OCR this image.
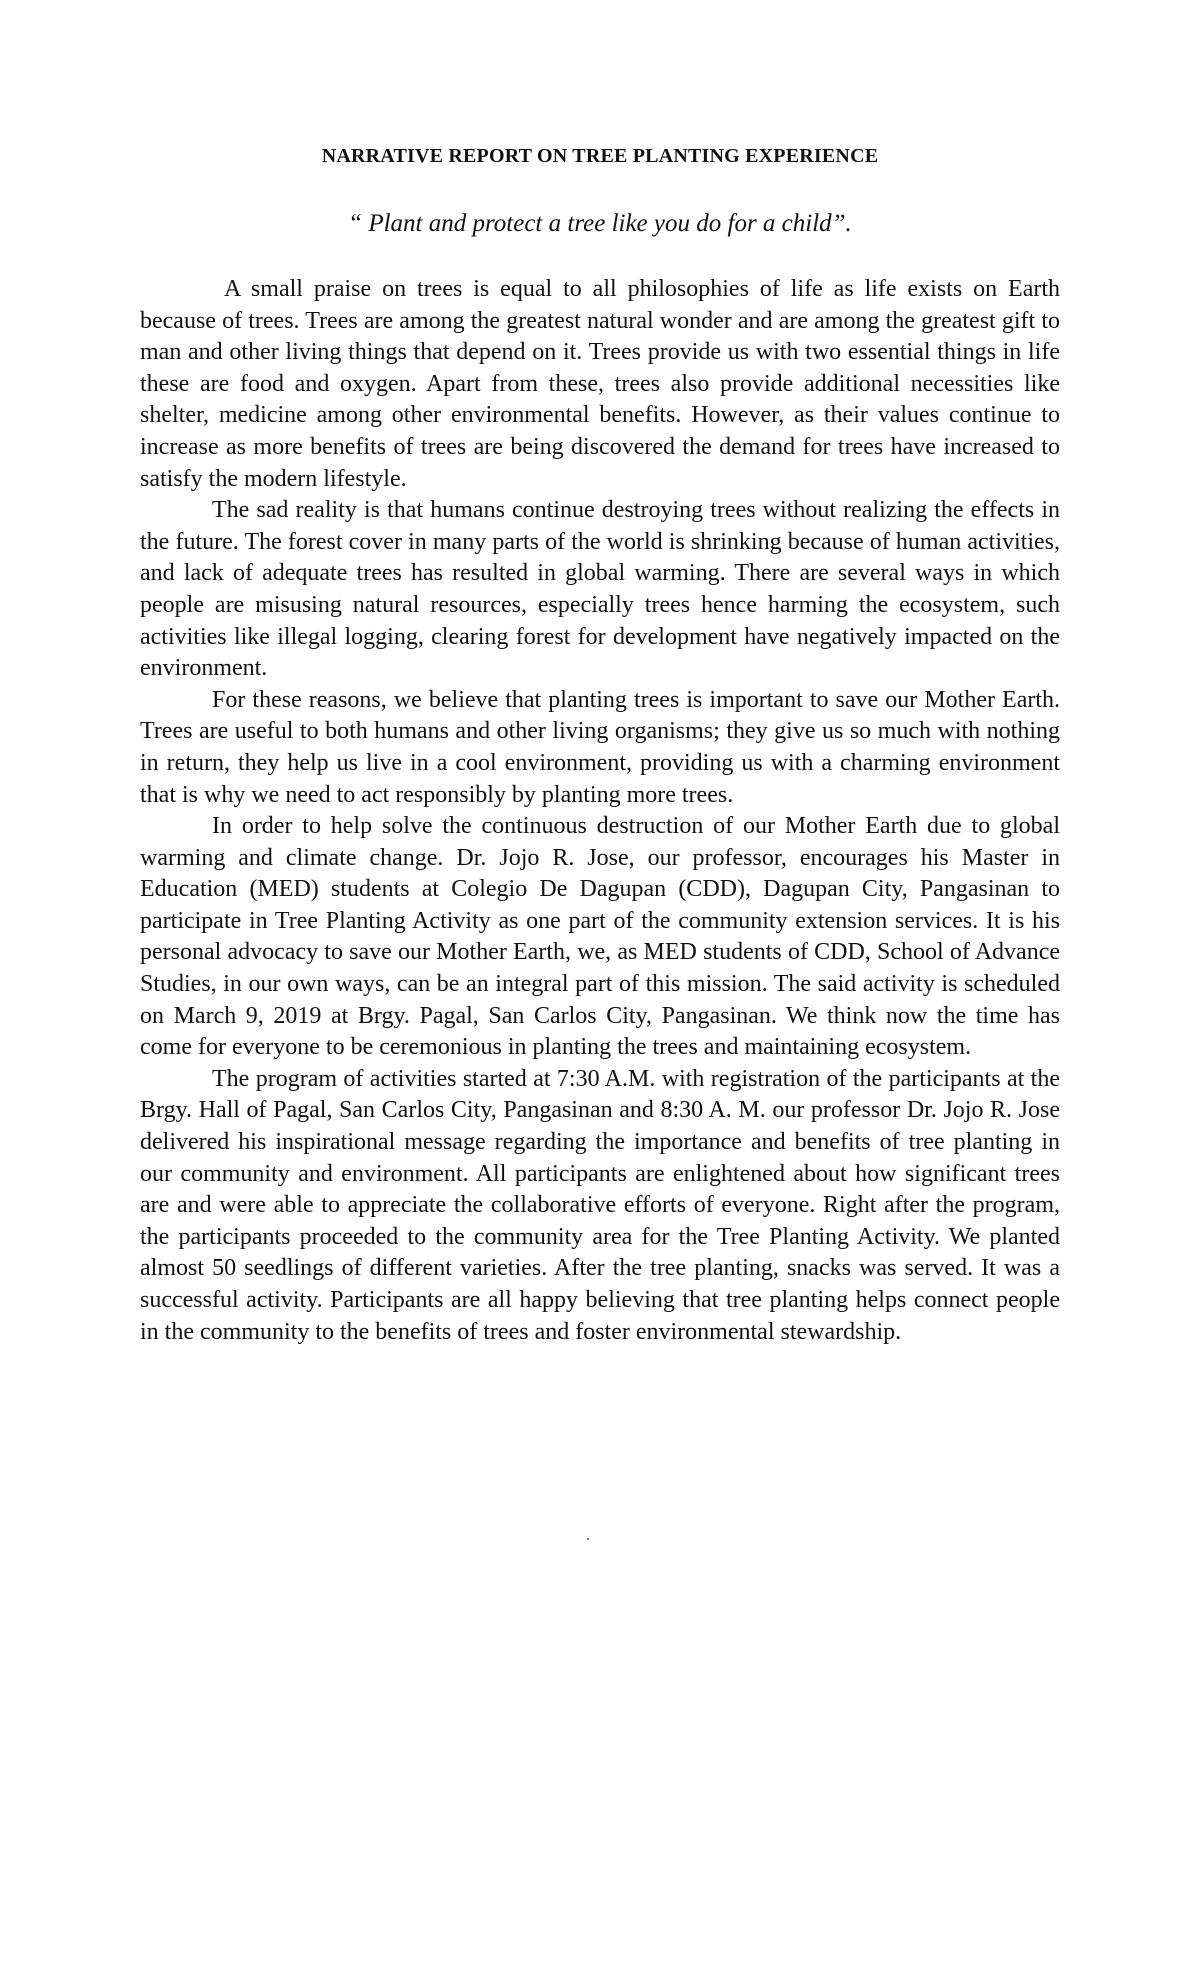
NARRATIVE REPORT ON TREE PLANTING EXPERIENCE

“ Plant and protect a tree like you do for a child”.

A small praise on trees is equal to all philosophies of life as life exists on Earth because of trees. Trees are among the greatest natural wonder and are among the greatest gift to man and other living things that depend on it. Trees provide us with two essential things in life these are food and oxygen. Apart from these, trees also provide additional necessities like shelter, medicine among other environmental benefits. However, as their values continue to increase as more benefits of trees are being discovered the demand for trees have increased to satisfy the modern lifestyle.

The sad reality is that humans continue destroying trees without realizing the effects in the future. The forest cover in many parts of the world is shrinking because of human activities, and lack of adequate trees has resulted in global warming. There are several ways in which people are misusing natural resources, especially trees hence harming the ecosystem, such activities like illegal logging, clearing forest for development have negatively impacted on the environment.

For these reasons, we believe that planting trees is important to save our Mother Earth. Trees are useful to both humans and other living organisms; they give us so much with nothing in return, they help us live in a cool environment, providing us with a charming environment that is why we need to act responsibly by planting more trees.

In order to help solve the continuous destruction of our Mother Earth due to global warming and climate change. Dr. Jojo R. Jose, our professor, encourages his Master in Education (MED) students at Colegio De Dagupan (CDD), Dagupan City, Pangasinan to participate in Tree Planting Activity as one part of the community extension services. It is his personal advocacy to save our Mother Earth, we, as MED students of CDD, School of Advance Studies, in our own ways, can be an integral part of this mission. The said activity is scheduled on March 9, 2019 at Brgy. Pagal, San Carlos City, Pangasinan. We think now the time has come for everyone to be ceremonious in planting the trees and maintaining ecosystem.

The program of activities started at 7:30 A.M. with registration of the participants at the Brgy. Hall of Pagal, San Carlos City, Pangasinan and 8:30 A. M. our professor Dr. Jojo R. Jose delivered his inspirational message regarding the importance and benefits of tree planting in our community and environment. All participants are enlightened about how significant trees are and were able to appreciate the collaborative efforts of everyone. Right after the program, the participants proceeded to the community area for the Tree Planting Activity. We planted almost 50 seedlings of different varieties. After the tree planting, snacks was served. It was a successful activity. Participants are all happy believing that tree planting helps connect people in the community to the benefits of trees and foster environmental stewardship.
